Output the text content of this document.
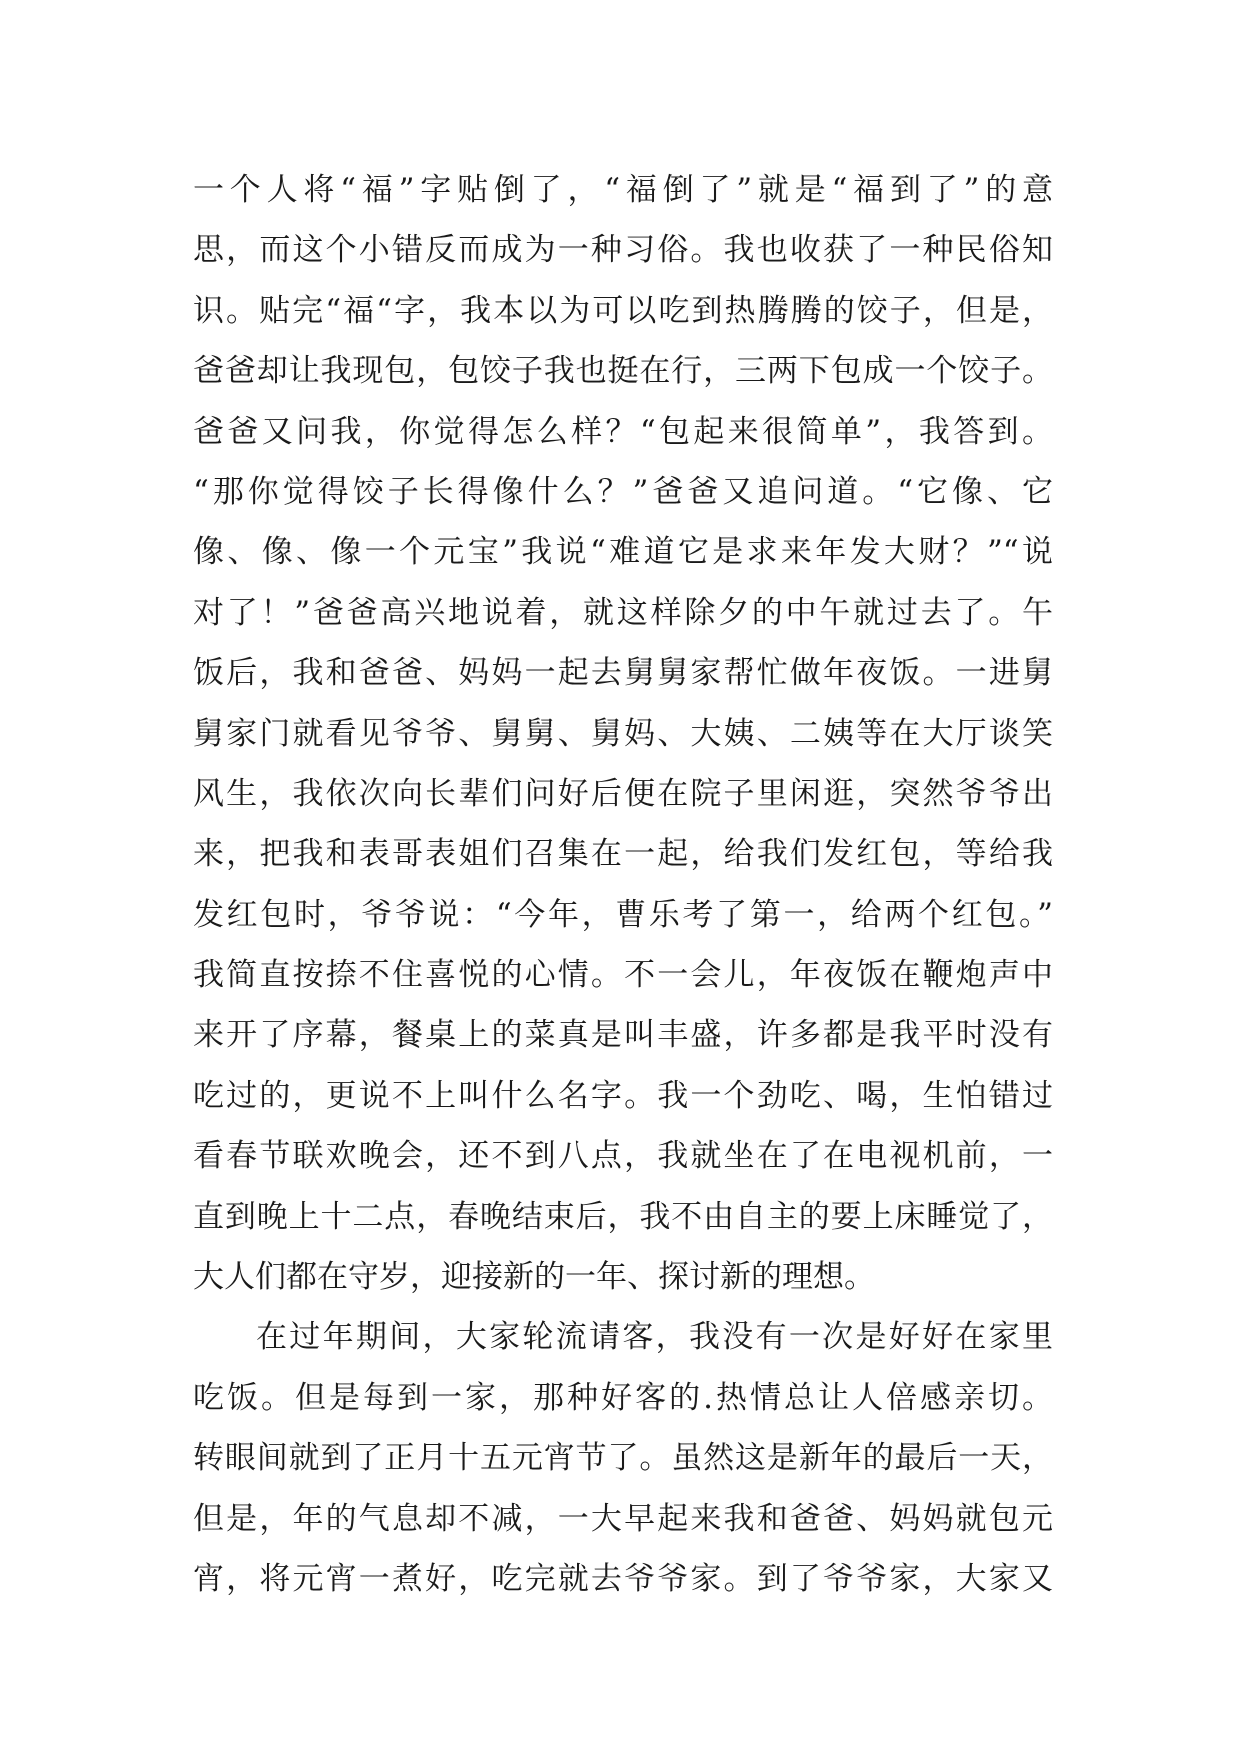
一个人将“福”字贴倒了，“福倒了”就是“福到了”的意
思，而这个小错反而成为一种习俗。我也收获了一种民俗知
识。贴完“福“字，我本以为可以吃到热腾腾的饺子，但是，
爸爸却让我现包，包饺子我也挺在行，三两下包成一个饺子。
爸爸又问我，你觉得怎么样？“包起来很简单”，我答到。
“那你觉得饺子长得像什么？”爸爸又追问道。“它像、它
像、像、像一个元宝”我说“难道它是求来年发大财？”“说
对了！”爸爸高兴地说着，就这样除夕的中午就过去了。午
饭后，我和爸爸、妈妈一起去舅舅家帮忙做年夜饭。一进舅
舅家门就看见爷爷、舅舅、舅妈、大姨、二姨等在大厅谈笑
风生，我依次向长辈们问好后便在院子里闲逛，突然爷爷出
来，把我和表哥表姐们召集在一起，给我们发红包，等给我
发红包时，爷爷说：“今年，曹乐考了第一，给两个红包。”
我简直按捺不住喜悦的心情。不一会儿，年夜饭在鞭炮声中
来开了序幕，餐桌上的菜真是叫丰盛，许多都是我平时没有
吃过的，更说不上叫什么名字。我一个劲吃、喝，生怕错过
看春节联欢晚会，还不到八点，我就坐在了在电视机前，一
直到晚上十二点，春晚结束后，我不由自主的要上床睡觉了，
大人们都在守岁，迎接新的一年、探讨新的理想。
在过年期间，大家轮流请客，我没有一次是好好在家里
吃饭。但是每到一家，那种好客的.热情总让人倍感亲切。
转眼间就到了正月十五元宵节了。虽然这是新年的最后一天，
但是，年的气息却不减，一大早起来我和爸爸、妈妈就包元
宵，将元宵一煮好，吃完就去爷爷家。到了爷爷家，大家又
